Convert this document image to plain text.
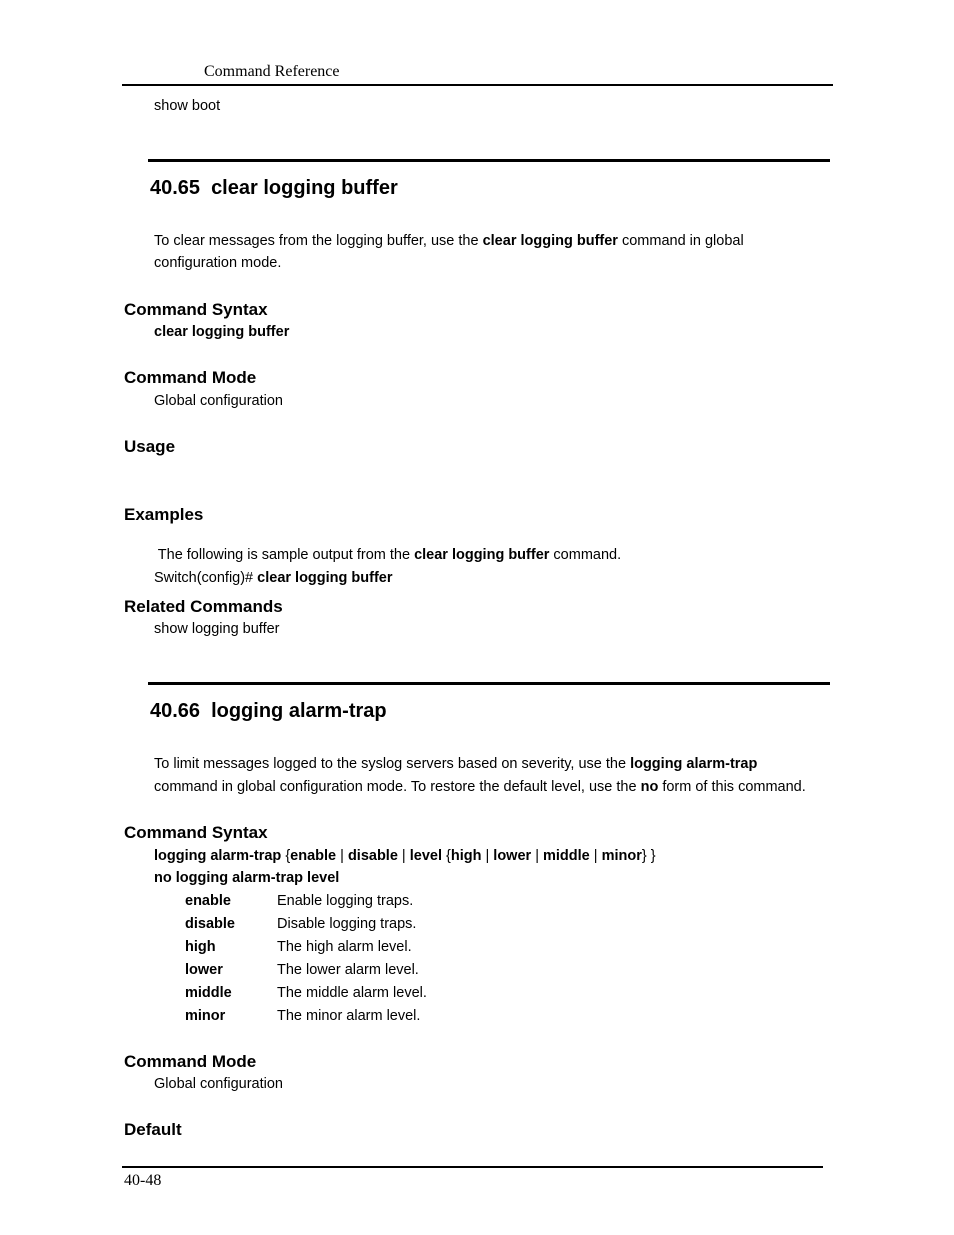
Command Reference
show boot
40.65 clear logging buffer
To clear messages from the logging buffer, use the clear logging buffer command in global
configuration mode.
Command Syntax
clear logging buffer
Command Mode
Global configuration
Usage
Examples

The following is sample output from the clear logging buffer command.

Switch(config)# clear logging buffer
Related Commands
show logging buffer
40.66 logging alarm-trap
To limit messages logged to the syslog servers based on severity, use the logging alarm-trap
command in global configuration mode. To restore the default level, use the no form of this command.
Command Syntax
logging alarm-trap {enable | disable | level {high | lower | middle | minor} }
no logging alarm-trap level
enable	Enable logging traps.
disable	Disable logging traps.
high	The high alarm level.
lower	The lower alarm level.
middle	The middle alarm level.
minor	The minor alarm level.
Command Mode
Global configuration
Default
40-48
